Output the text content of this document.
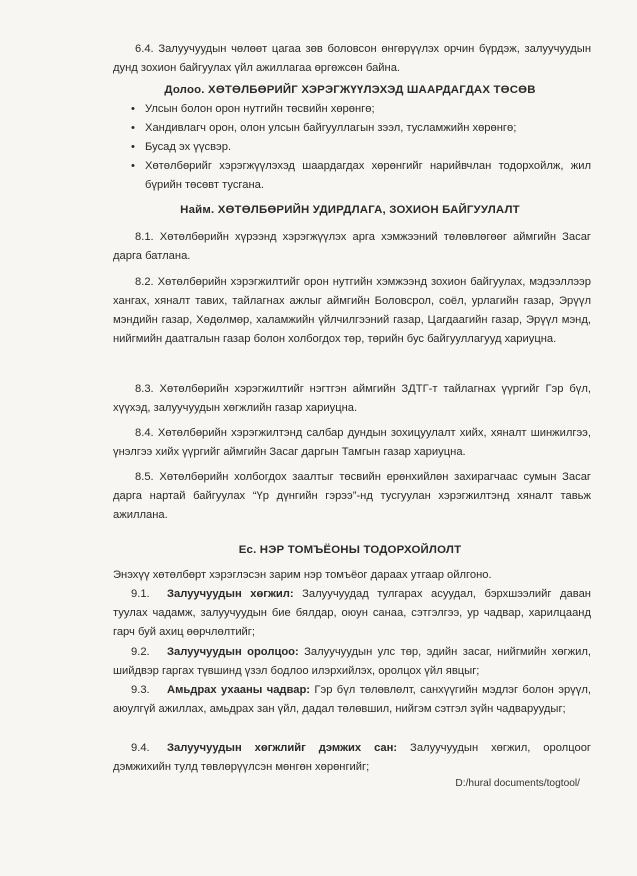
6.4. Залуучуудын чөлөөт цагаа зөв боловсон өнгөрүүлэх орчин бүрдэж, залуучуудын дунд зохион байгуулах үйл ажиллагаа өргөжсөн байна.
Долоо. ХӨТӨЛБӨРИЙГ ХЭРЭГЖҮҮЛЭХЭД ШААРДАГДАХ ТӨСӨВ
• Улсын болон орон нутгийн төсвийн хөрөнгө;
• Хандивлагч орон, олон улсын байгууллагын зээл, тусламжийн хөрөнгө;
• Бусад эх үүсвэр.
• Хөтөлбөрийг хэрэгжүүлэхэд шаардагдах хөрөнгийг нарийвчлан тодорхойлж, жил бүрийн төсөвт тусгана.
Найм. ХӨТӨЛБӨРИЙН УДИРДЛАГА, ЗОХИОН БАЙГУУЛАЛТ
8.1. Хөтөлбөрийн хүрээнд хэрэгжүүлэх арга хэмжээний төлөвлөгөөг аймгийн Засаг дарга батлана.
8.2. Хөтөлбөрийн хэрэгжилтийг орон нутгийн хэмжээнд зохион байгуулах, мэдээллээр хангах, хяналт тавих, тайлагнах ажлыг аймгийн Боловсрол, соёл, урлагийн газар, Эрүүл мэндийн газар, Хөдөлмөр, халамжийн үйлчилгээний газар, Цагдаагийн газар, Эрүүл мэнд, нийгмийн даатгалын газар болон холбогдох төр, төрийн бус байгууллагууд хариуцна.
8.3. Хөтөлбөрийн хэрэгжилтийг нэгтгэн аймгийн ЗДТГ-т тайлагнах үүргийг Гэр бүл, хүүхэд, залуучуудын хөгжлийн газар хариуцна.
8.4. Хөтөлбөрийн хэрэгжилтэнд салбар дундын зохицуулалт хийх, хяналт шинжилгээ, үнэлгээ хийх үүргийг аймгийн Засаг даргын Тамгын газар хариуцна.
8.5. Хөтөлбөрийн холбогдох заалтыг төсвийн ерөнхийлөн захирагчаас сумын Засаг дарга нартай байгуулах “Үр дүнгийн гэрээ”-нд тусгуулан хэрэгжилтэнд хяналт тавьж ажиллана.
Ес. НЭР ТОМЪЁОНЫ ТОДОРХОЙЛОЛТ
Энэхүү хөтөлбөрт хэрэглэсэн зарим нэр томъёог дараах утгаар ойлгоно.
9.1. Залуучуудын хөгжил: Залуучуудад тулгарах асуудал, бэрхшээлийг даван туулах чадамж, залуучуудын бие бялдар, оюун санаа, сэтгэлгээ, ур чадвар, харилцаанд гарч буй ахиц өөрчлөлтийг;
9.2. Залуучуудын оролцоо: Залуучуудын улс төр, эдийн засаг, нийгмийн хөгжил, шийдвэр гаргах түвшинд үзэл бодлоо илэрхийлэх, оролцох үйл явцыг;
9.3. Амьдрах ухааны чадвар: Гэр бүл төлөвлөлт, санхүүгийн мэдлэг болон эрүүл, аюулгүй ажиллах, амьдрах зан үйл, дадал төлөвшил, нийгэм сэтгэл зүйн чадваруудыг;
9.4. Залуучуудын хөгжлийг дэмжих сан: Залуучуудын хөгжил, оролцоог дэмжихийн тулд төвлөрүүлсэн мөнгөн хөрөнгийг;
D:/hural documents/togtool/
